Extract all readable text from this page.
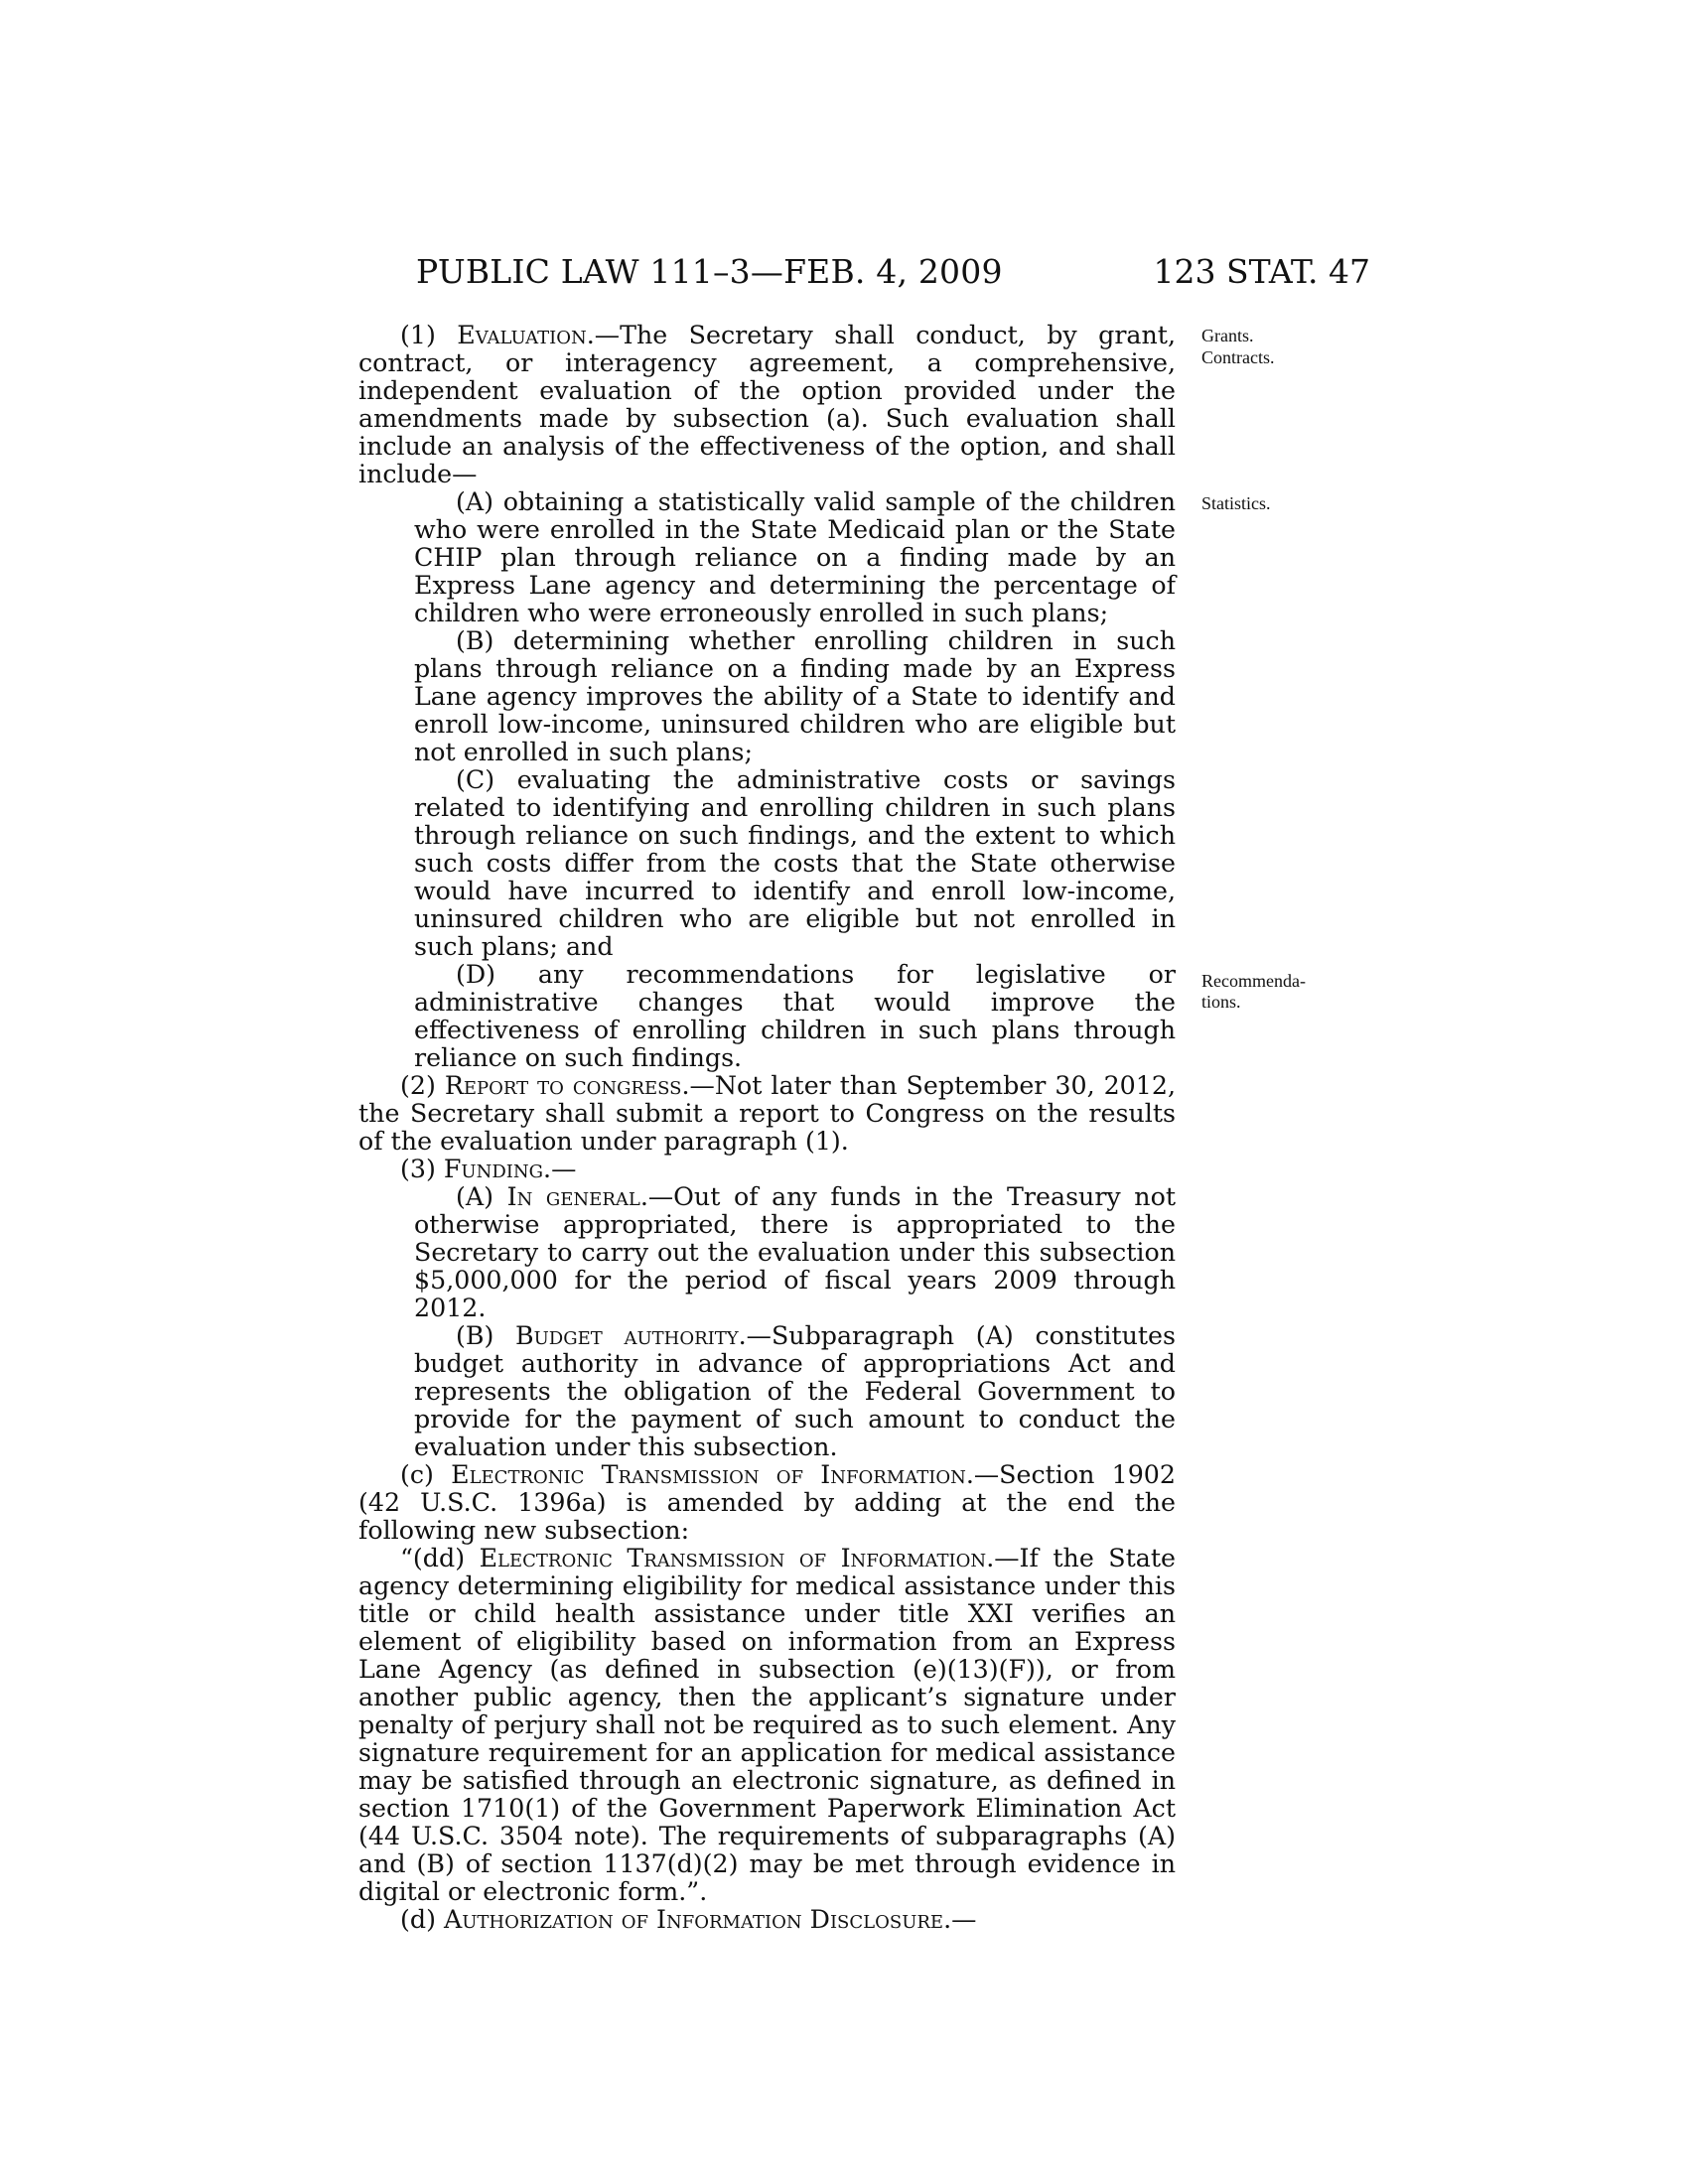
PUBLIC LAW 111–3—FEB. 4, 2009	123 STAT. 47
Grants.
Contracts.
Statistics.
Recommenda-
tions.

(1) Evaluation.—The Secretary shall conduct, by grant, contract, or interagency agreement, a comprehensive, independent evaluation of the option provided under the amendments made by subsection (a). Such evaluation shall include an analysis of the effectiveness of the option, and shall include—

(A) obtaining a statistically valid sample of the children who were enrolled in the State Medicaid plan or the State CHIP plan through reliance on a finding made by an Express Lane agency and determining the percentage of children who were erroneously enrolled in such plans;

(B) determining whether enrolling children in such plans through reliance on a finding made by an Express Lane agency improves the ability of a State to identify and enroll low-income, uninsured children who are eligible but not enrolled in such plans;

(C) evaluating the administrative costs or savings related to identifying and enrolling children in such plans through reliance on such findings, and the extent to which such costs differ from the costs that the State otherwise would have incurred to identify and enroll low-income, uninsured children who are eligible but not enrolled in such plans; and

(D) any recommendations for legislative or administrative changes that would improve the effectiveness of enrolling children in such plans through reliance on such findings.

(2) Report to congress.—Not later than September 30, 2012, the Secretary shall submit a report to Congress on the results of the evaluation under paragraph (1).

(3) Funding.—

(A) In general.—Out of any funds in the Treasury not otherwise appropriated, there is appropriated to the Secretary to carry out the evaluation under this subsection $5,000,000 for the period of fiscal years 2009 through 2012.

(B) Budget authority.—Subparagraph (A) constitutes budget authority in advance of appropriations Act and represents the obligation of the Federal Government to provide for the payment of such amount to conduct the evaluation under this subsection.

(c) Electronic Transmission of Information.—Section 1902 (42 U.S.C. 1396a) is amended by adding at the end the following new subsection:

“(dd) Electronic Transmission of Information.—If the State agency determining eligibility for medical assistance under this title or child health assistance under title XXI verifies an element of eligibility based on information from an Express Lane Agency (as defined in subsection (e)(13)(F)), or from another public agency, then the applicant’s signature under penalty of perjury shall not be required as to such element. Any signature requirement for an application for medical assistance may be satisfied through an electronic signature, as defined in section 1710(1) of the Government Paperwork Elimination Act (44 U.S.C. 3504 note). The requirements of subparagraphs (A) and (B) of section 1137(d)(2) may be met through evidence in digital or electronic form.”.

(d) Authorization of Information Disclosure.—
